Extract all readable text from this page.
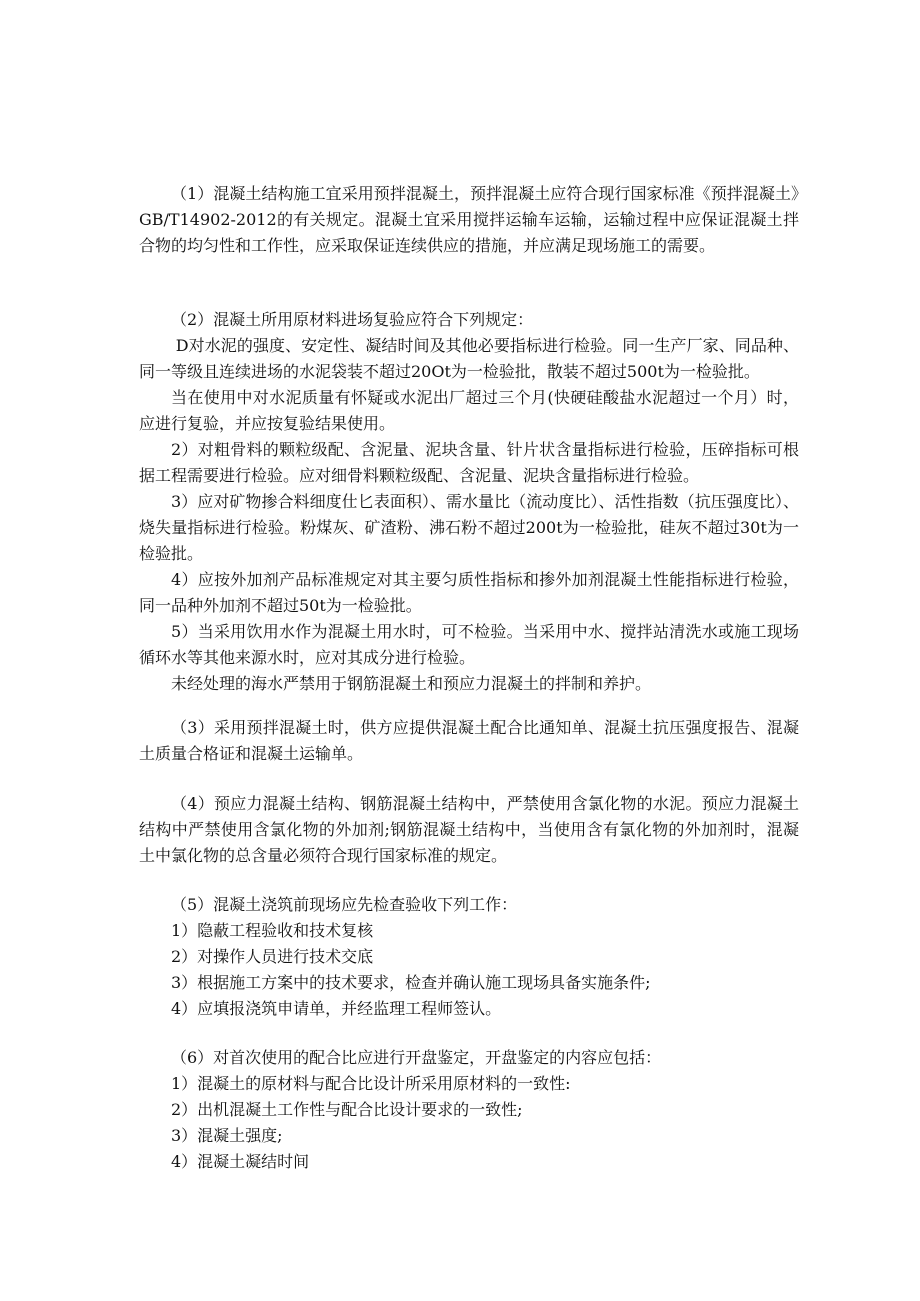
（1）混凝土结构施工宜采用预拌混凝土，预拌混凝土应符合现行国家标准《预拌混凝土》GB/T14902-2012的有关规定。混凝土宜采用搅拌运输车运输，运输过程中应保证混凝土拌合物的均匀性和工作性，应采取保证连续供应的措施，并应满足现场施工的需要。

（2）混凝土所用原材料进场复验应符合下列规定：

D对水泥的强度、安定性、凝结时间及其他必要指标进行检验。同一生产厂家、同品种、同一等级且连续进场的水泥袋装不超过20Ot为一检验批，散装不超过500t为一检验批。

当在使用中对水泥质量有怀疑或水泥出厂超过三个月(快硬硅酸盐水泥超过一个月）时，应进行复验，并应按复验结果使用。

2）对粗骨料的颗粒级配、含泥量、泥块含量、针片状含量指标进行检验，压碎指标可根据工程需要进行检验。应对细骨料颗粒级配、含泥量、泥块含量指标进行检验。

3）应对矿物掺合料细度仕匕表面积）、需水量比（流动度比）、活性指数（抗压强度比）、烧失量指标进行检验。粉煤灰、矿渣粉、沸石粉不超过200t为一检验批，硅灰不超过30t为一检验批。

4）应按外加剂产品标准规定对其主要匀质性指标和掺外加剂混凝土性能指标进行检验，同一品种外加剂不超过50t为一检验批。

5）当采用饮用水作为混凝土用水时，可不检验。当采用中水、搅拌站清洗水或施工现场循环水等其他来源水时，应对其成分进行检验。

未经处理的海水严禁用于钢筋混凝土和预应力混凝土的拌制和养护。

（3）采用预拌混凝土时，供方应提供混凝土配合比通知单、混凝土抗压强度报告、混凝土质量合格证和混凝土运输单。

（4）预应力混凝土结构、钢筋混凝土结构中，严禁使用含氯化物的水泥。预应力混凝土结构中严禁使用含氯化物的外加剂;钢筋混凝土结构中，当使用含有氯化物的外加剂时，混凝土中氯化物的总含量必须符合现行国家标准的规定。

（5）混凝土浇筑前现场应先检查验收下列工作：

1）隐蔽工程验收和技术复核

2）对操作人员进行技术交底

3）根据施工方案中的技术要求，检查并确认施工现场具备实施条件;

4）应填报浇筑申请单，并经监理工程师签认。

（6）对首次使用的配合比应进行开盘鉴定，开盘鉴定的内容应包括：

1）混凝土的原材料与配合比设计所采用原材料的一致性:

2）出机混凝土工作性与配合比设计要求的一致性;

3）混凝土强度;

4）混凝土凝结时间
